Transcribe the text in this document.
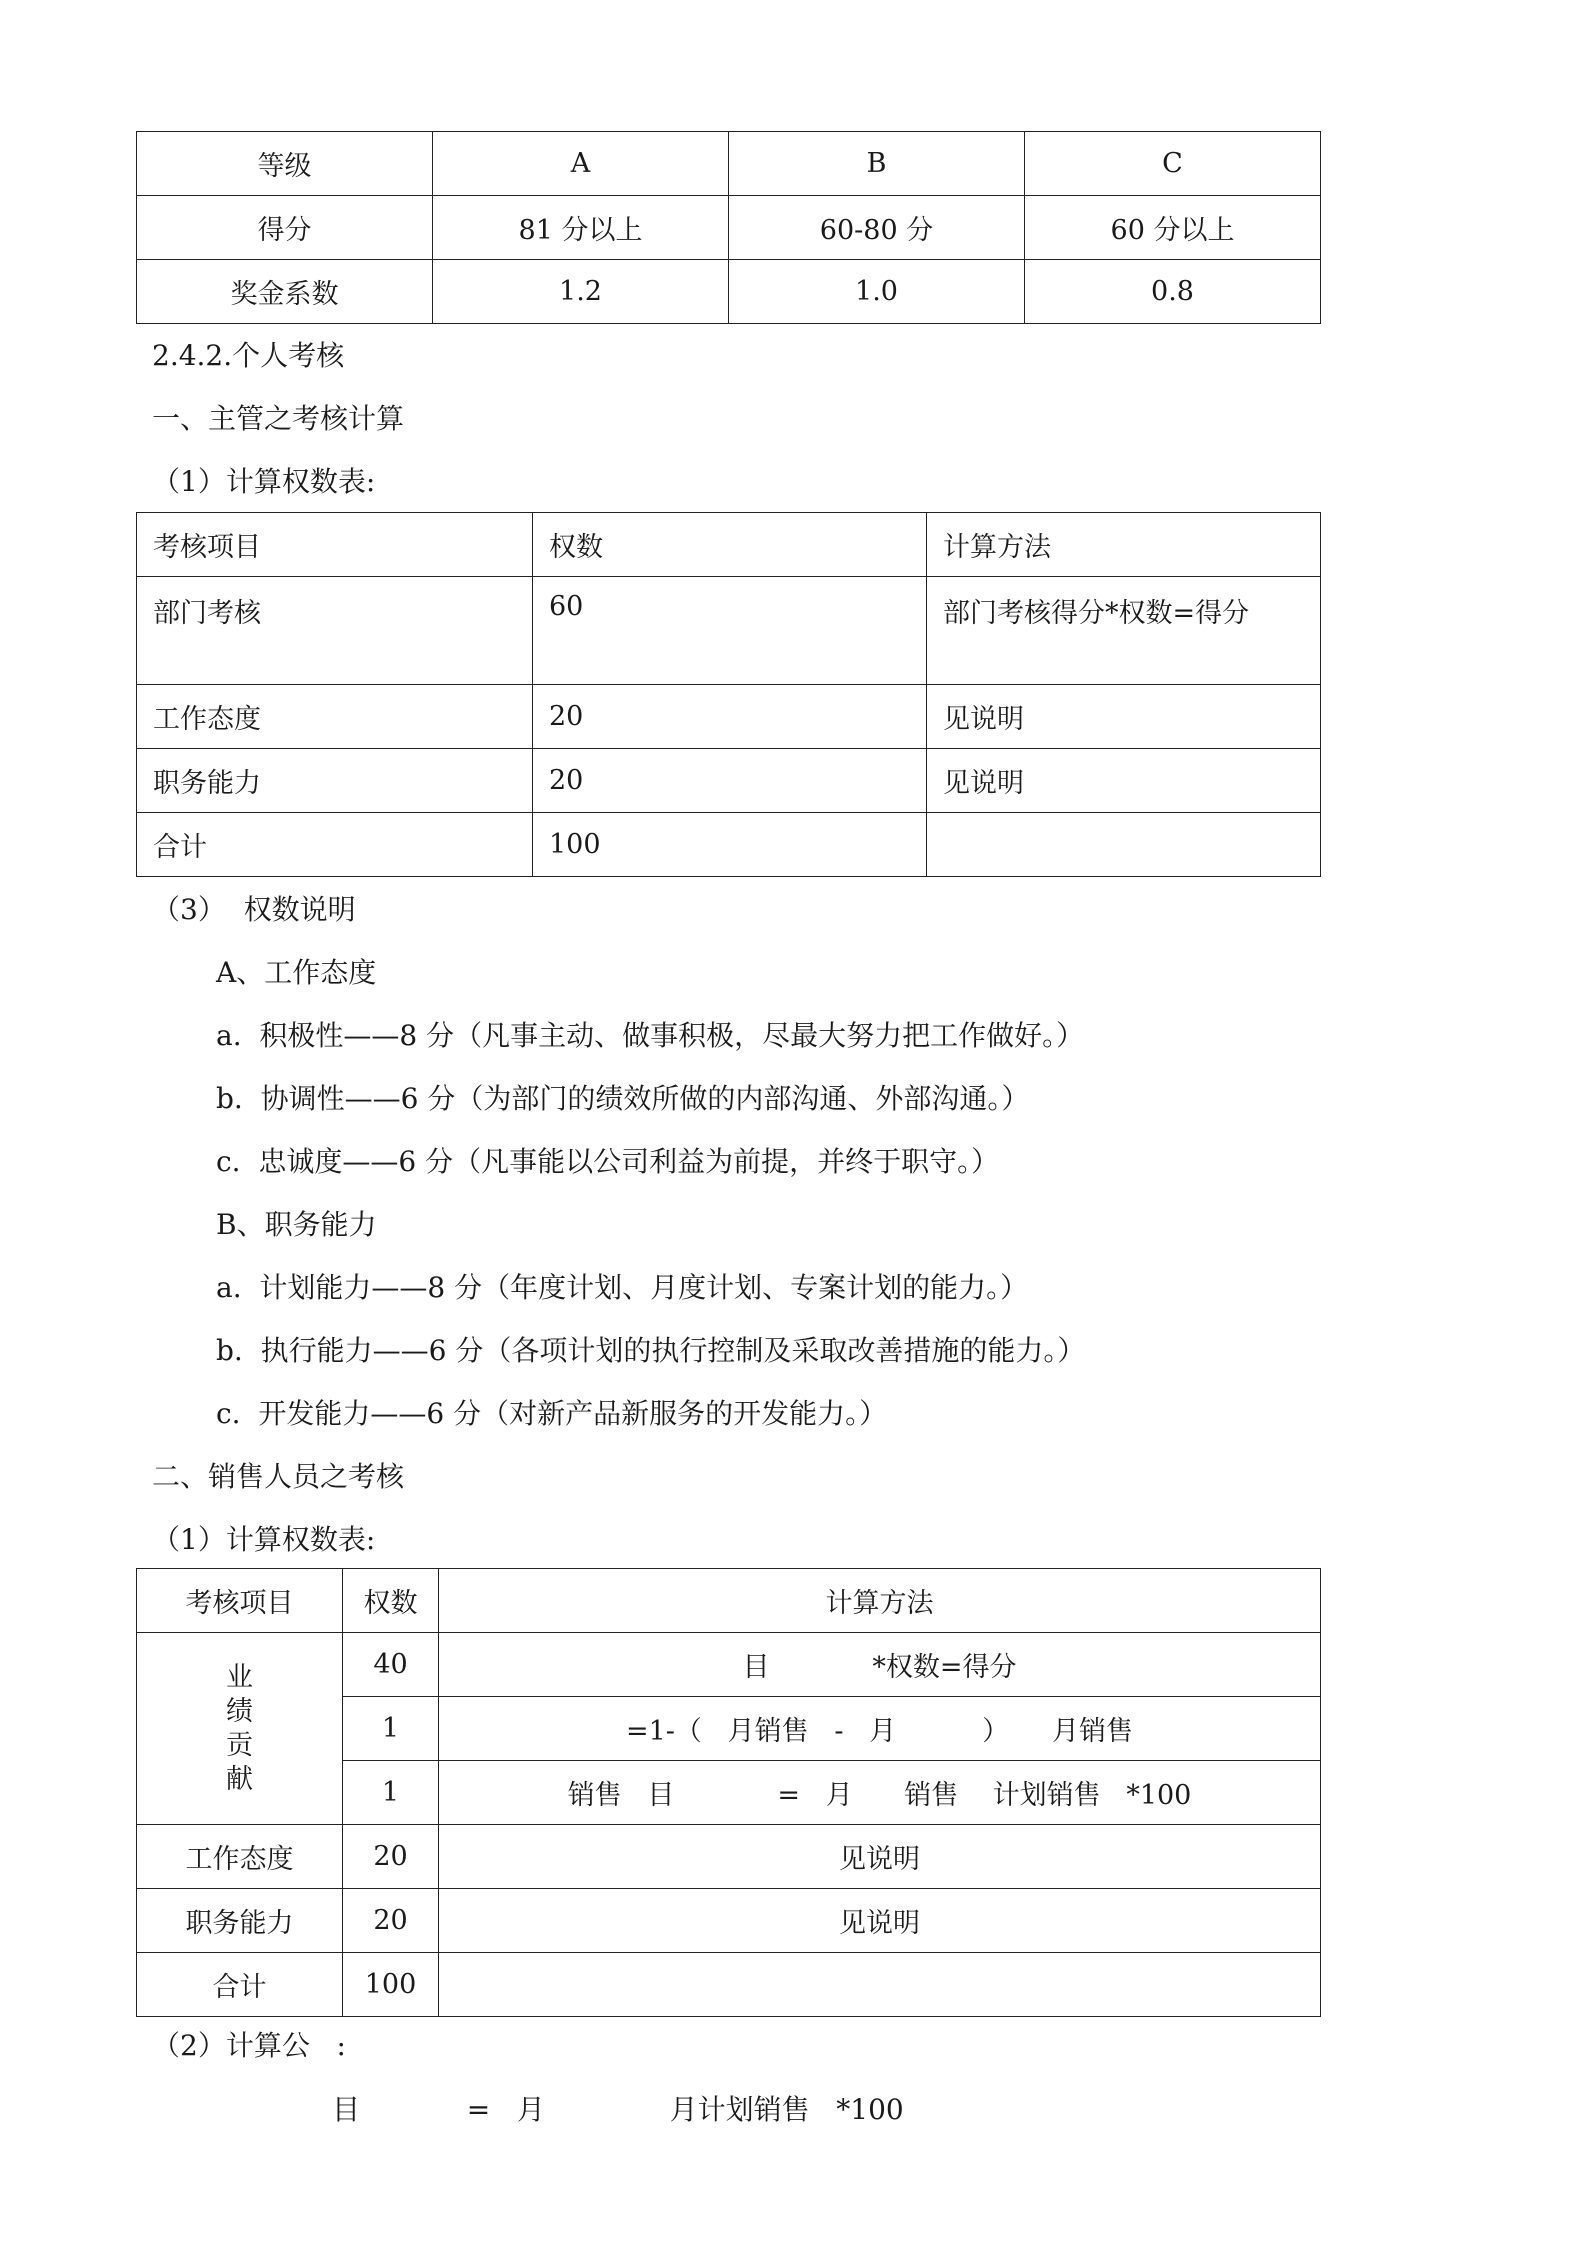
等级	A	B	C
得分	81 分以上	60-80 分	60 分以上
奖金系数	1.2	1.0	0.8
2.4.2.个人考核
一、主管之考核计算
（1）计算权数表:
考核项目	权数	计算方法
部门考核	60	部门考核得分*权数=得分
工作态度	20	见说明
职务能力	20	见说明
合计	100	
（3）  权数说明
A、工作态度
a.  积极性——8 分（凡事主动、做事积极，尽最大努力把工作做好。）
b.  协调性——6 分（为部门的绩效所做的内部沟通、外部沟通。）
c.  忠诚度——6 分（凡事能以公司利益为前提，并终于职守。）
B、职务能力
a.  计划能力——8 分（年度计划、月度计划、专案计划的能力。）
b.  执行能力——6 分（各项计划的执行控制及采取改善措施的能力。）
c.  开发能力——6 分（对新产品新服务的开发能力。）
二、销售人员之考核
（1）计算权数表:
考核项目	权数	计算方法
业绩贡献	40	目            *权数=得分
	1	=1-（   月销售   -   月          ）     月销售
	1	销售   目            =   月      销售    计划销售   *100
工作态度	20	见说明
职务能力	20	见说明
合计	100	
（2）计算公   :
目            =   月              月计划销售   *100
